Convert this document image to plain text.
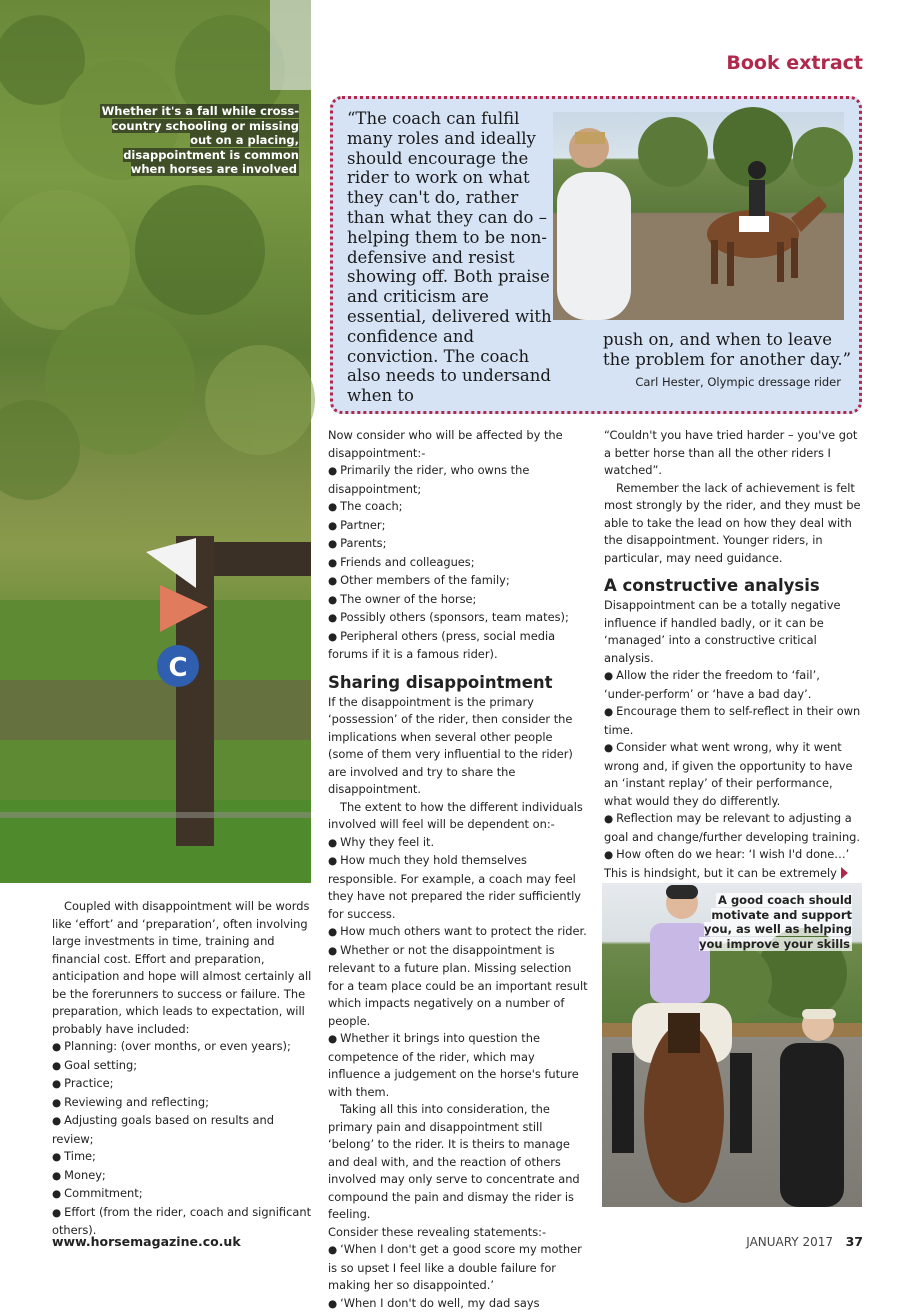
C
Whether it's a fall while cross-country schooling or missing out on a placing, disappointment is common when horses are involved
Book extract
“The coach can fulfil many roles and ideally should encourage the rider to work on what they can't do, rather than what they can do – helping them to be non-defensive and resist showing off. Both praise and criticism are essential, delivered with confidence and conviction. The coach also needs to undersand when to
push on, and when to leave the problem for another day.”
Carl Hester, Olympic dressage rider

Coupled with disappointment will be words like ‘effort’ and ‘preparation’, often involving large investments in time, training and financial cost. Effort and preparation, anticipation and hope will almost certainly all be the forerunners to success or failure. The preparation, which leads to expectation, will probably have included:

● Planning: (over months, or even years);

● Goal setting;

● Practice;

● Reviewing and reflecting;

● Adjusting goals based on results and review;

● Time;

● Money;

● Commitment;

● Effort (from the rider, coach and significant others).

Now consider who will be affected by the disappointment:-

● Primarily the rider, who owns the disappointment;

● The coach;

● Partner;

● Parents;

● Friends and colleagues;

● Other members of the family;

● The owner of the horse;

● Possibly others (sponsors, team mates);

● Peripheral others (press, social media forums if it is a famous rider).

Sharing disappointment

If the disappointment is the primary ‘possession’ of the rider, then consider the implications when several other people (some of them very influential to the rider) are involved and try to share the disappointment.

The extent to how the different individuals involved will feel will be dependent on:-

● Why they feel it.

● How much they hold themselves responsible. For example, a coach may feel they have not prepared the rider sufficiently for success.

● How much others want to protect the rider.

● Whether or not the disappointment is relevant to a future plan. Missing selection for a team place could be an important result which impacts negatively on a number of people.

● Whether it brings into question the competence of the rider, which may influence a judgement on the horse's future with them.

Taking all this into consideration, the primary pain and disappointment still ‘belong’ to the rider. It is theirs to manage and deal with, and the reaction of others involved may only serve to concentrate and compound the pain and dismay the rider is feeling.

Consider these revealing statements:-

● ‘When I don't get a good score my mother is so upset I feel like a double failure for making her so disappointed.’

● ‘When I don't do well, my dad says

“Couldn't you have tried harder – you've got a better horse than all the other riders I watched”.

Remember the lack of achievement is felt most strongly by the rider, and they must be able to take the lead on how they deal with the disappointment. Younger riders, in particular, may need guidance.

A constructive analysis

Disappointment can be a totally negative influence if handled badly, or it can be ‘managed’ into a constructive critical analysis.

● Allow the rider the freedom to ‘fail’, ‘under-perform’ or ‘have a bad day’.

● Encourage them to self-reflect in their own time.

● Consider what went wrong, why it went wrong and, if given the opportunity to have an ‘instant replay’ of their performance, what would they do differently.

● Reflection may be relevant to adjusting a goal and change/further developing training.

● How often do we hear: ‘I wish I'd done…’ This is hindsight, but it can be extremely

A good coach should motivate and support you, as well as helping you improve your skills
www.horsemagazine.co.uk	JANUARY 2017 37
